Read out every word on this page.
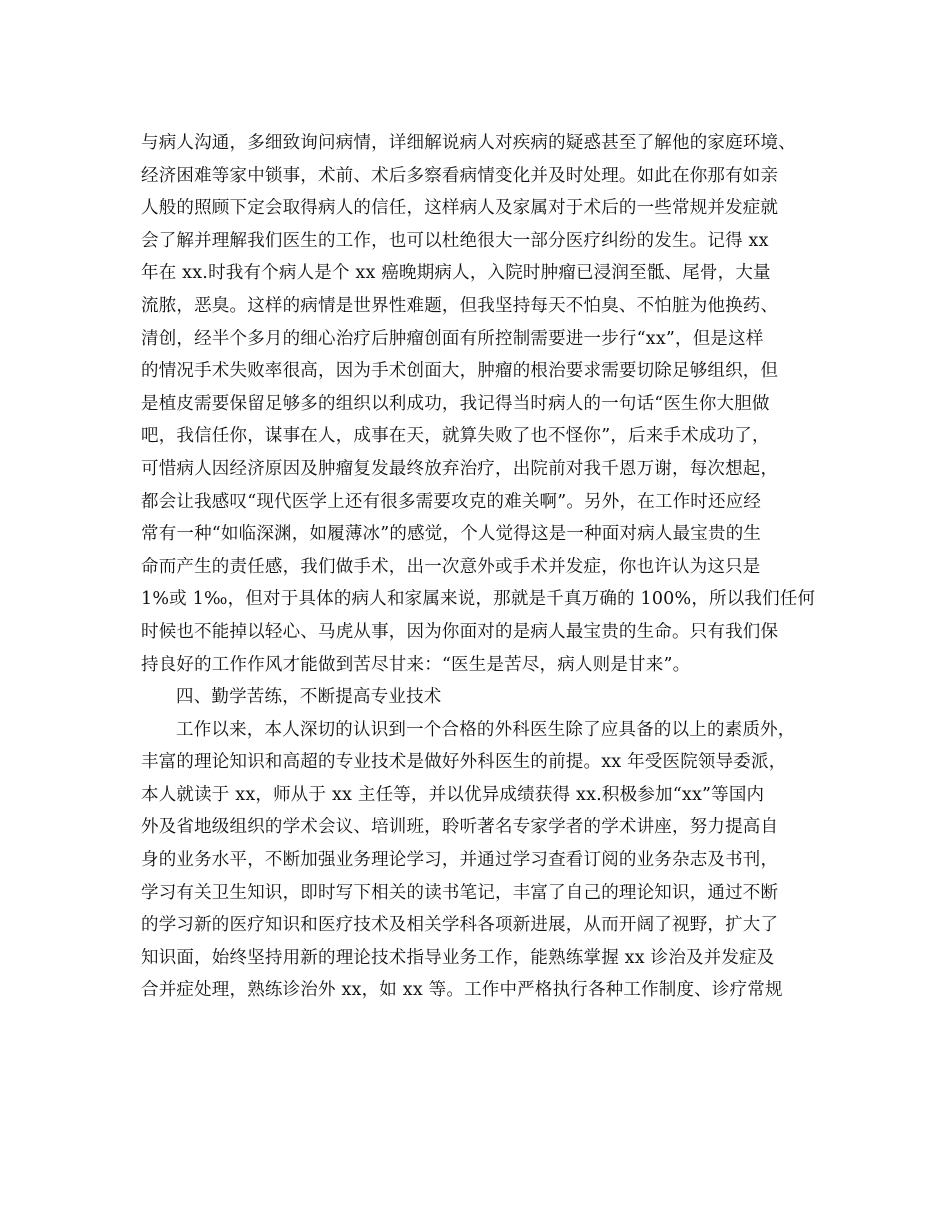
与病人沟通，多细致询问病情，详细解说病人对疾病的疑惑甚至了解他的家庭环境、
经济困难等家中锁事，术前、术后多察看病情变化并及时处理。如此在你那有如亲
人般的照顾下定会取得病人的信任，这样病人及家属对于术后的一些常规并发症就
会了解并理解我们医生的工作，也可以杜绝很大一部分医疗纠纷的发生。记得 xx
年在 xx.时我有个病人是个 xx 癌晚期病人，入院时肿瘤已浸润至骶、尾骨，大量
流脓，恶臭。这样的病情是世界性难题，但我坚持每天不怕臭、不怕脏为他换药、
清创，经半个多月的细心治疗后肿瘤创面有所控制需要进一步行“xx”，但是这样
的情况手术失败率很高，因为手术创面大，肿瘤的根治要求需要切除足够组织，但
是植皮需要保留足够多的组织以利成功，我记得当时病人的一句话“医生你大胆做
吧，我信任你，谋事在人，成事在天，就算失败了也不怪你”，后来手术成功了，
可惜病人因经济原因及肿瘤复发最终放弃治疗，出院前对我千恩万谢，每次想起，
都会让我感叹“现代医学上还有很多需要攻克的难关啊”。另外，在工作时还应经
常有一种“如临深渊，如履薄冰”的感觉，个人觉得这是一种面对病人最宝贵的生
命而产生的责任感，我们做手术，出一次意外或手术并发症，你也许认为这只是
1%或 1‰，但对于具体的病人和家属来说，那就是千真万确的 100%，所以我们任何
时候也不能掉以轻心、马虎从事，因为你面对的是病人最宝贵的生命。只有我们保
持良好的工作作风才能做到苦尽甘来：“医生是苦尽，病人则是甘来”。
四、勤学苦练，不断提高专业技术
工作以来，本人深切的认识到一个合格的外科医生除了应具备的以上的素质外，
丰富的理论知识和高超的专业技术是做好外科医生的前提。xx 年受医院领导委派，
本人就读于 xx，师从于 xx 主任等，并以优异成绩获得 xx.积极参加“xx”等国内
外及省地级组织的学术会议、培训班，聆听著名专家学者的学术讲座，努力提高自
身的业务水平，不断加强业务理论学习，并通过学习查看订阅的业务杂志及书刊，
学习有关卫生知识，即时写下相关的读书笔记，丰富了自己的理论知识，通过不断
的学习新的医疗知识和医疗技术及相关学科各项新进展，从而开阔了视野，扩大了
知识面，始终坚持用新的理论技术指导业务工作，能熟练掌握 xx 诊治及并发症及
合并症处理，熟练诊治外 xx，如 xx 等。工作中严格执行各种工作制度、诊疗常规
